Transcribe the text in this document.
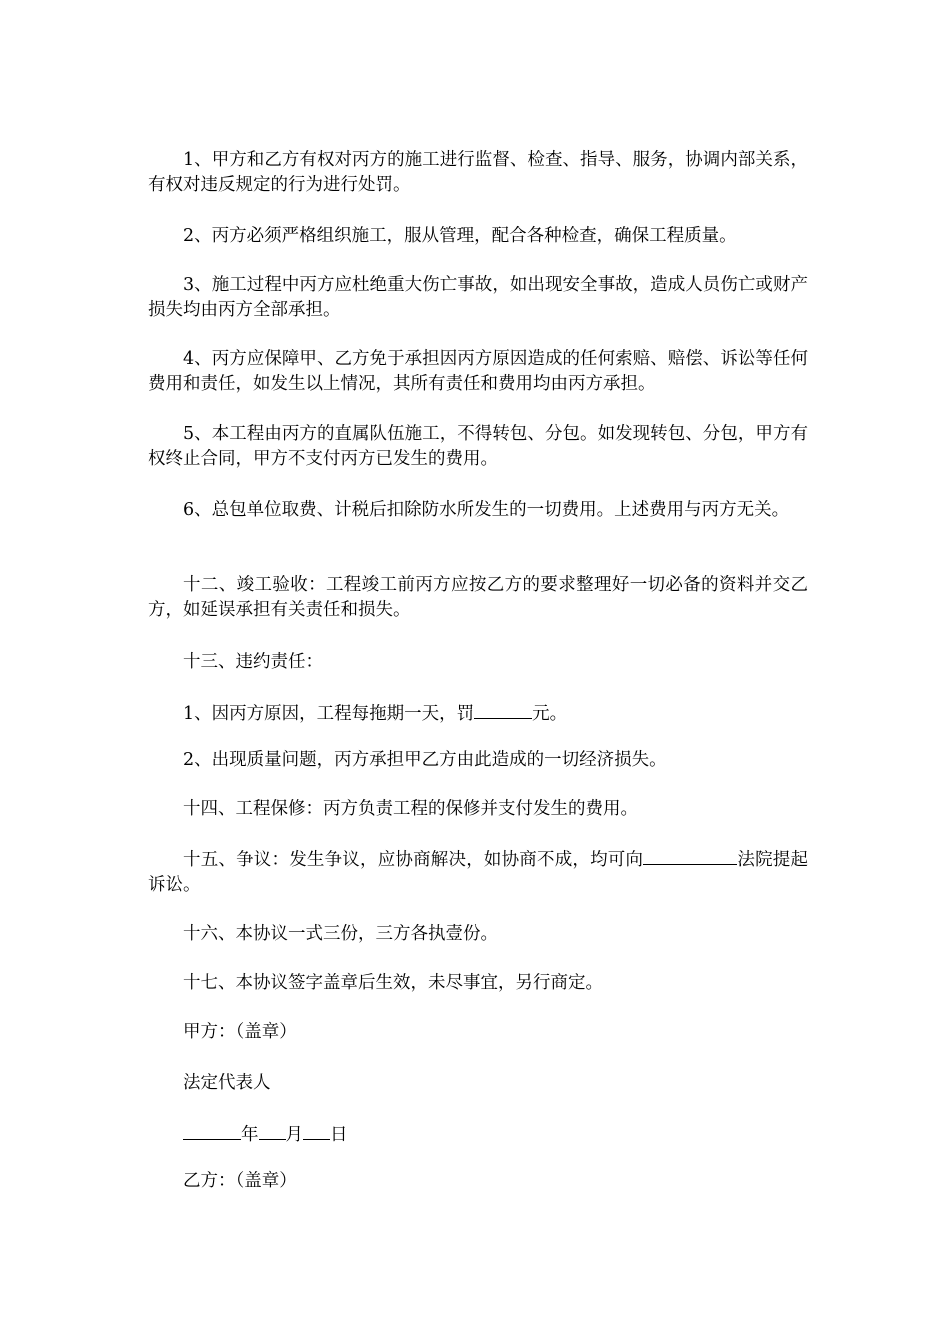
1、甲方和乙方有权对丙方的施工进行监督、检查、指导、服务，协调内部关系，有权对违反规定的行为进行处罚。

2、丙方必须严格组织施工，服从管理，配合各种检查，确保工程质量。

3、施工过程中丙方应杜绝重大伤亡事故，如出现安全事故，造成人员伤亡或财产损失均由丙方全部承担。

4、丙方应保障甲、乙方免于承担因丙方原因造成的任何索赔、赔偿、诉讼等任何费用和责任，如发生以上情况，其所有责任和费用均由丙方承担。

5、本工程由丙方的直属队伍施工，不得转包、分包。如发现转包、分包，甲方有权终止合同，甲方不支付丙方已发生的费用。

6、总包单位取费、计税后扣除防水所发生的一切费用。上述费用与丙方无关。

十二、竣工验收：工程竣工前丙方应按乙方的要求整理好一切必备的资料并交乙方，如延误承担有关责任和损失。

十三、违约责任：

1、因丙方原因，工程每拖期一天，罚	元。

2、出现质量问题，丙方承担甲乙方由此造成的一切经济损失。

十四、工程保修：丙方负责工程的保修并支付发生的费用。

十五、争议：发生争议，应协商解决，如协商不成，均可向	法院提起诉讼。

十六、本协议一式三份，三方各执壹份。

十七、本协议签字盖章后生效，未尽事宜，另行商定。

甲方：（盖章）

法定代表人

年 月 日

乙方：（盖章）
